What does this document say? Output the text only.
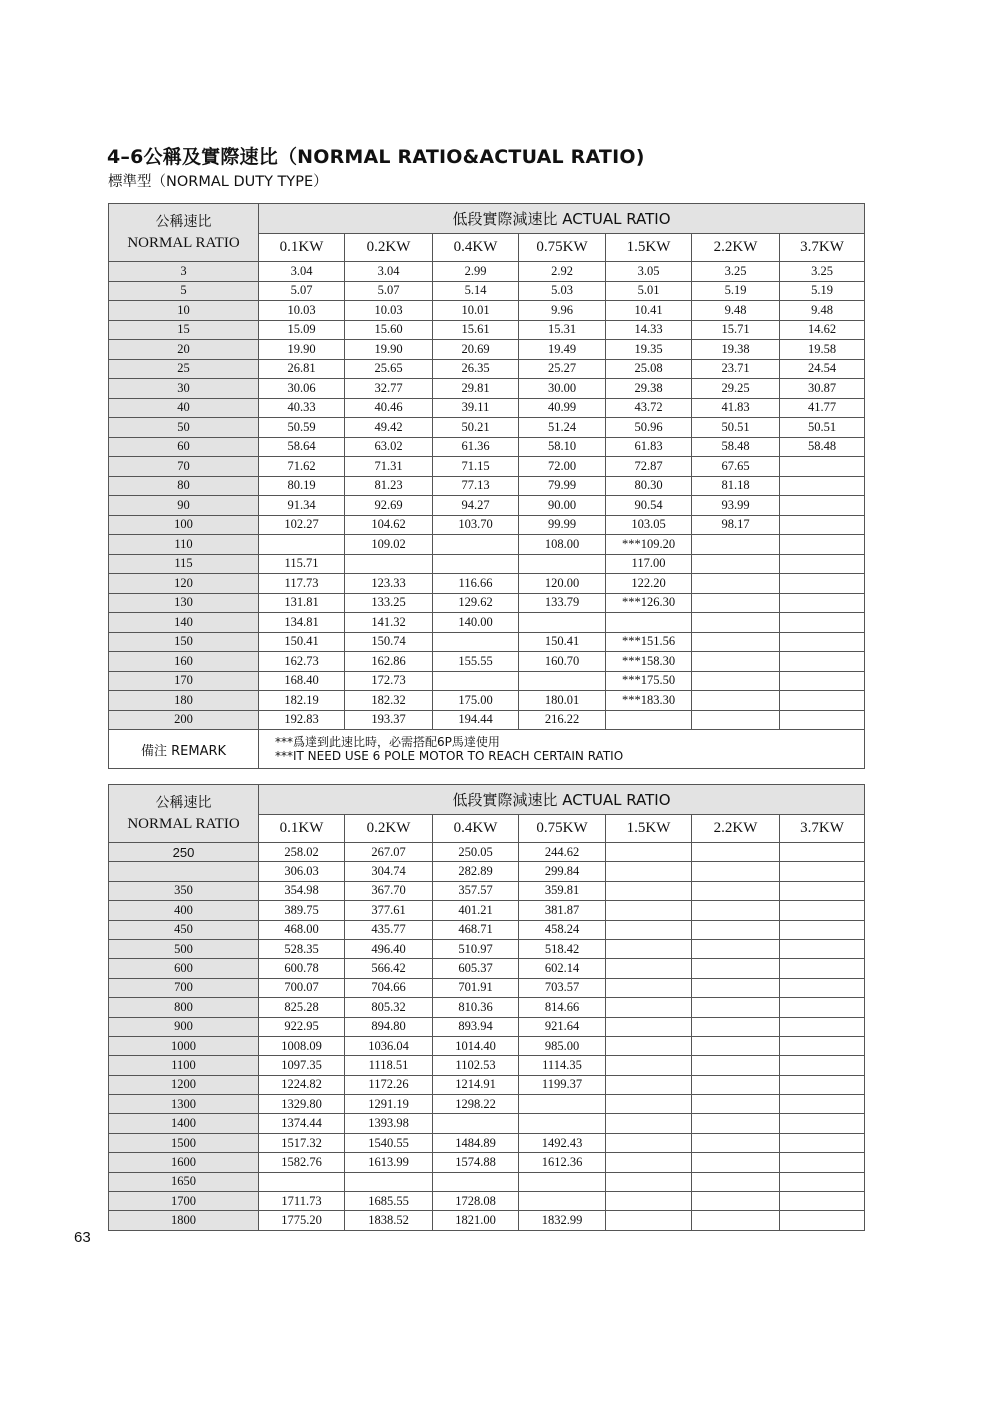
4–6公稱及實際速比（NORMAL RATIO&ACTUAL RATIO)
標準型（NORMAL DUTY TYPE）
公稱速比
NORMAL RATIO	低段實際減速比 ACTUAL RATIO						
	0.1KW	0.2KW	0.4KW	0.75KW	1.5KW	2.2KW	3.7KW
3	3.04	3.04	2.99	2.92	3.05	3.25	3.25
5	5.07	5.07	5.14	5.03	5.01	5.19	5.19
10	10.03	10.03	10.01	9.96	10.41	9.48	9.48
15	15.09	15.60	15.61	15.31	14.33	15.71	14.62
20	19.90	19.90	20.69	19.49	19.35	19.38	19.58
25	26.81	25.65	26.35	25.27	25.08	23.71	24.54
30	30.06	32.77	29.81	30.00	29.38	29.25	30.87
40	40.33	40.46	39.11	40.99	43.72	41.83	41.77
50	50.59	49.42	50.21	51.24	50.96	50.51	50.51
60	58.64	63.02	61.36	58.10	61.83	58.48	58.48
70	71.62	71.31	71.15	72.00	72.87	67.65	
80	80.19	81.23	77.13	79.99	80.30	81.18	
90	91.34	92.69	94.27	90.00	90.54	93.99	
100	102.27	104.62	103.70	99.99	103.05	98.17	
110		109.02		108.00	***109.20		
115	115.71				117.00		
120	117.73	123.33	116.66	120.00	122.20		
130	131.81	133.25	129.62	133.79	***126.30		
140	134.81	141.32	140.00				
150	150.41	150.74		150.41	***151.56		
160	162.73	162.86	155.55	160.70	***158.30		
170	168.40	172.73			***175.50		
180	182.19	182.32	175.00	180.01	***183.30		
200	192.83	193.37	194.44	216.22			
備注 REMARK	***爲達到此速比時，必需搭配6P馬達使用
***IT NEED USE 6 POLE MOTOR TO REACH CERTAIN RATIO						
公稱速比
NORMAL RATIO	低段實際減速比 ACTUAL RATIO						
	0.1KW	0.2KW	0.4KW	0.75KW	1.5KW	2.2KW	3.7KW
250	258.02	267.07	250.05	244.62			
	306.03	304.74	282.89	299.84			
350	354.98	367.70	357.57	359.81			
400	389.75	377.61	401.21	381.87			
450	468.00	435.77	468.71	458.24			
500	528.35	496.40	510.97	518.42			
600	600.78	566.42	605.37	602.14			
700	700.07	704.66	701.91	703.57			
800	825.28	805.32	810.36	814.66			
900	922.95	894.80	893.94	921.64			
1000	1008.09	1036.04	1014.40	985.00			
1100	1097.35	1118.51	1102.53	1114.35			
1200	1224.82	1172.26	1214.91	1199.37			
1300	1329.80	1291.19	1298.22				
1400	1374.44	1393.98					
1500	1517.32	1540.55	1484.89	1492.43			
1600	1582.76	1613.99	1574.88	1612.36			
1650							
1700	1711.73	1685.55	1728.08				
1800	1775.20	1838.52	1821.00	1832.99			
63
